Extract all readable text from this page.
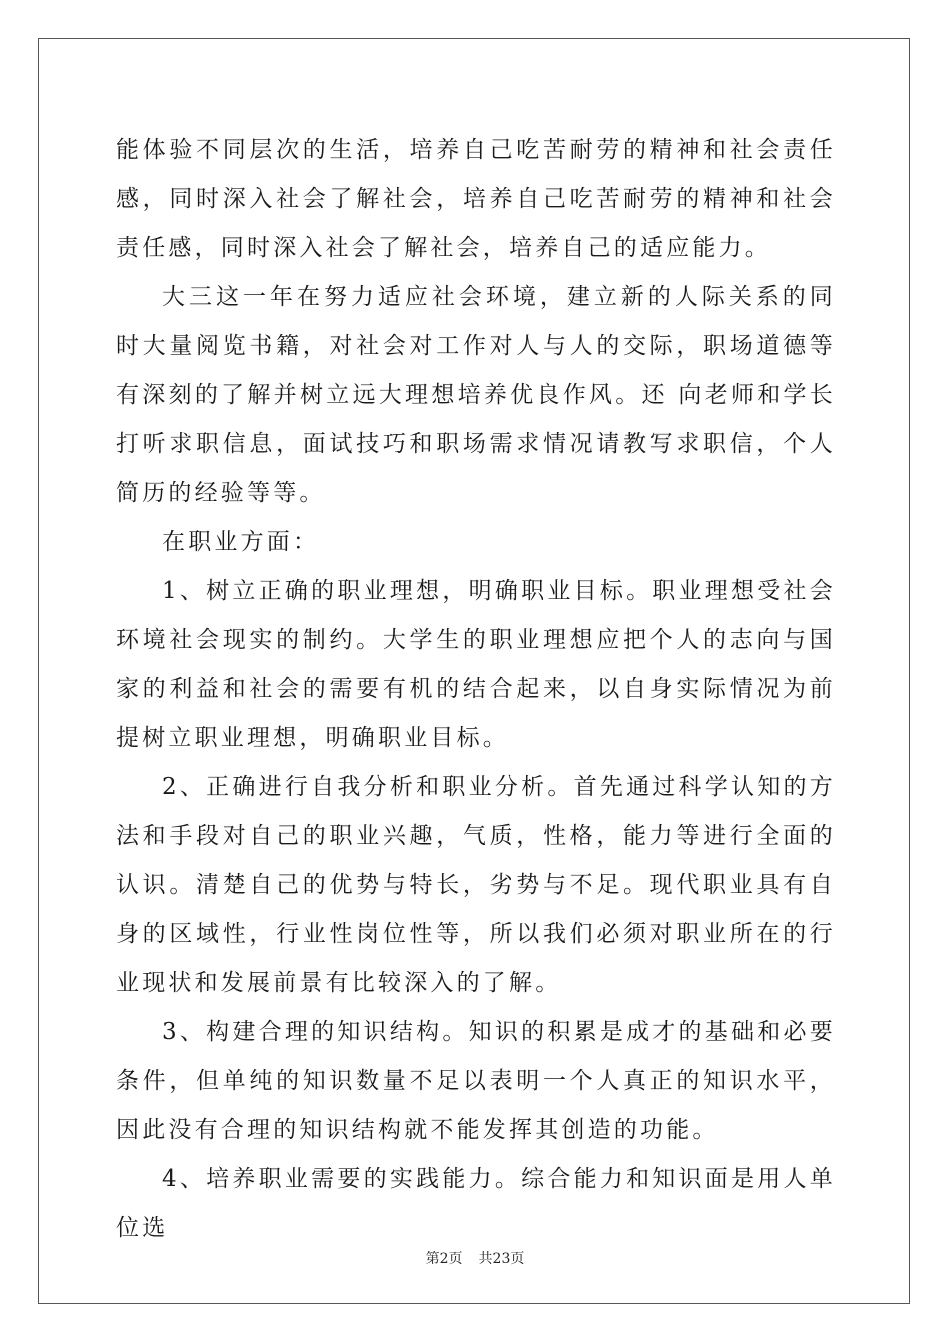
能体验不同层次的生活，培养自己吃苦耐劳的精神和社会责任感，同时深入社会了解社会，培养自己吃苦耐劳的精神和社会责任感，同时深入社会了解社会，培养自己的适应能力。

大三这一年在努力适应社会环境，建立新的人际关系的同时大量阅览书籍，对社会对工作对人与人的交际，职场道德等有深刻的了解并树立远大理想培养优良作风。还 向老师和学长打听求职信息，面试技巧和职场需求情况请教写求职信，个人简历的经验等等。

在职业方面：

1、树立正确的职业理想，明确职业目标。职业理想受社会环境社会现实的制约。大学生的职业理想应把个人的志向与国家的利益和社会的需要有机的结合起来，以自身实际情况为前提树立职业理想，明确职业目标。

2、正确进行自我分析和职业分析。首先通过科学认知的方法和手段对自己的职业兴趣，气质，性格，能力等进行全面的认识。清楚自己的优势与特长，劣势与不足。现代职业具有自身的区域性，行业性岗位性等，所以我们必须对职业所在的行业现状和发展前景有比较深入的了解。

3、构建合理的知识结构。知识的积累是成才的基础和必要条件，但单纯的知识数量不足以表明一个人真正的知识水平，因此没有合理的知识结构就不能发挥其创造的功能。

4、培养职业需要的实践能力。综合能力和知识面是用人单位选

第2页 共23页
